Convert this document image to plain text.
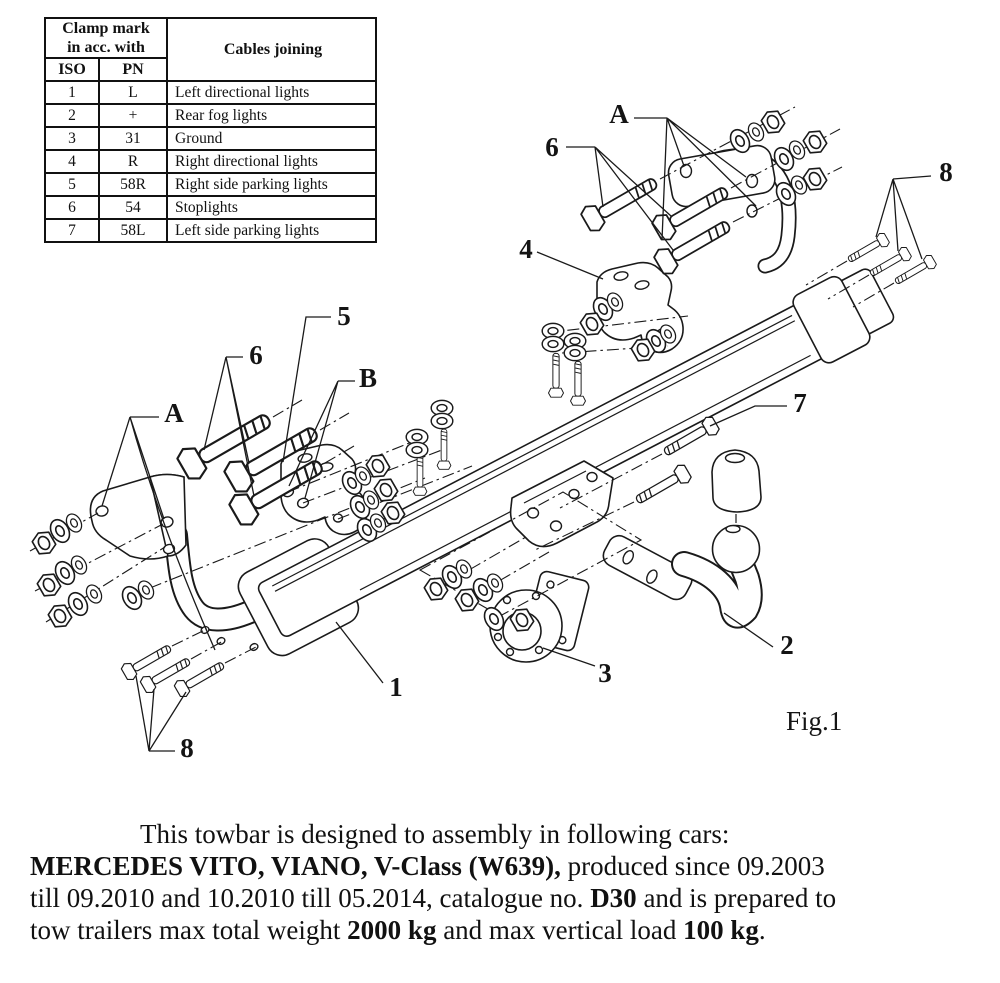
Clamp mark
in acc. with		Cables joining
ISO	PN	
1	L	Left directional lights
2	+	Rear fog lights
3	31	Ground
4	R	Right directional lights
5	58R	Right side parking lights
6	54	Stoplights
7	58L	Left side parking lights
A
6
4
8
5
B
6
A	7
1
2
3
8
Fig.1
This towbar is designed to assembly in following cars:
MERCEDES VITO, VIANO, V-Class (W639), produced since 09.2003
till 09.2010 and 10.2010 till 05.2014, catalogue no. D30 and is prepared to
tow trailers max total weight 2000 kg and max vertical load 100 kg.
